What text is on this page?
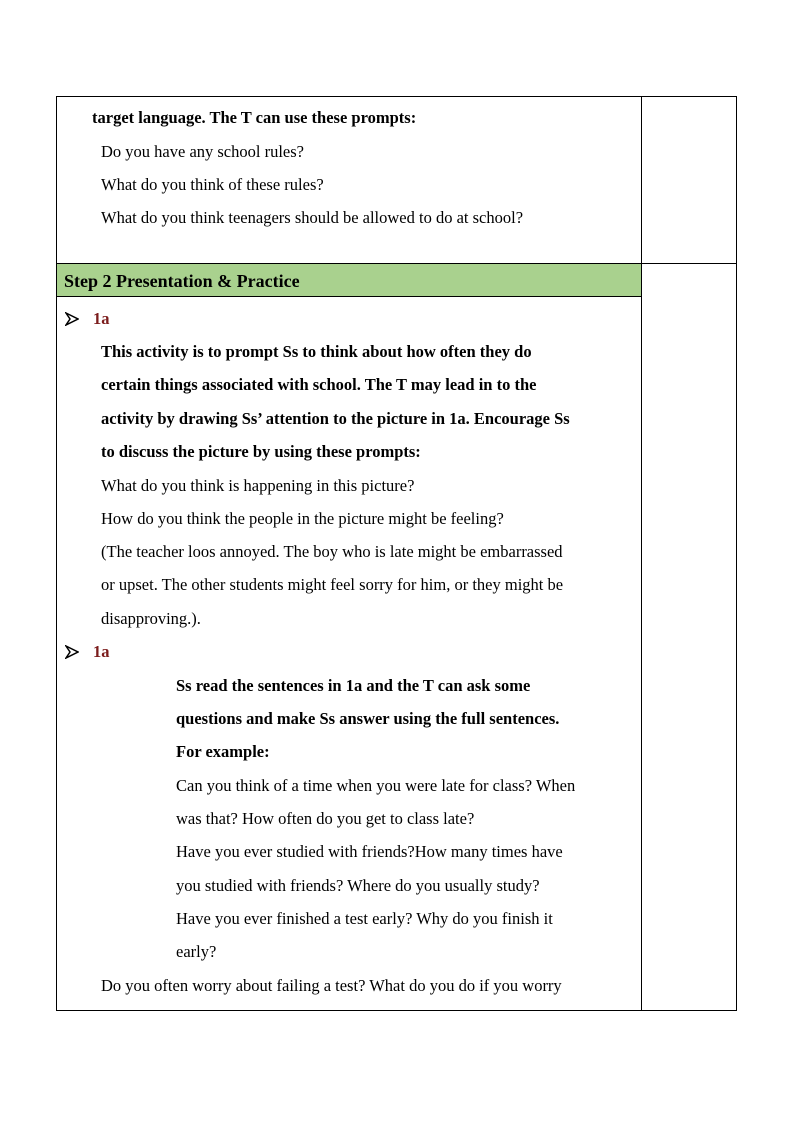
target language. The T can use these prompts:
Do you have any school rules?
What do you think of these rules?
What do you think teenagers should be allowed to do at school?
Step 2 Presentation & Practice
1a
This activity is to prompt Ss to think about how often they do
certain things associated with school. The T may lead in to the
activity by drawing Ss’ attention to the picture in 1a. Encourage Ss
to discuss the picture by using these prompts:
What do you think is happening in this picture?
How do you think the people in the picture might be feeling?
(The teacher loos annoyed. The boy who is late might be embarrassed
or upset. The other students might feel sorry for him, or they might be
disapproving.).
1a
Ss read the sentences in 1a and the T can ask some
questions and make Ss answer using the full sentences.
For example:
Can you think of a time when you were late for class? When
was that? How often do you get to class late?
Have you ever studied with friends?How many times have
you studied with friends? Where do you usually study?
Have you ever finished a test early? Why do you finish it
early?
Do you often worry about failing a test? What do you do if you worry
